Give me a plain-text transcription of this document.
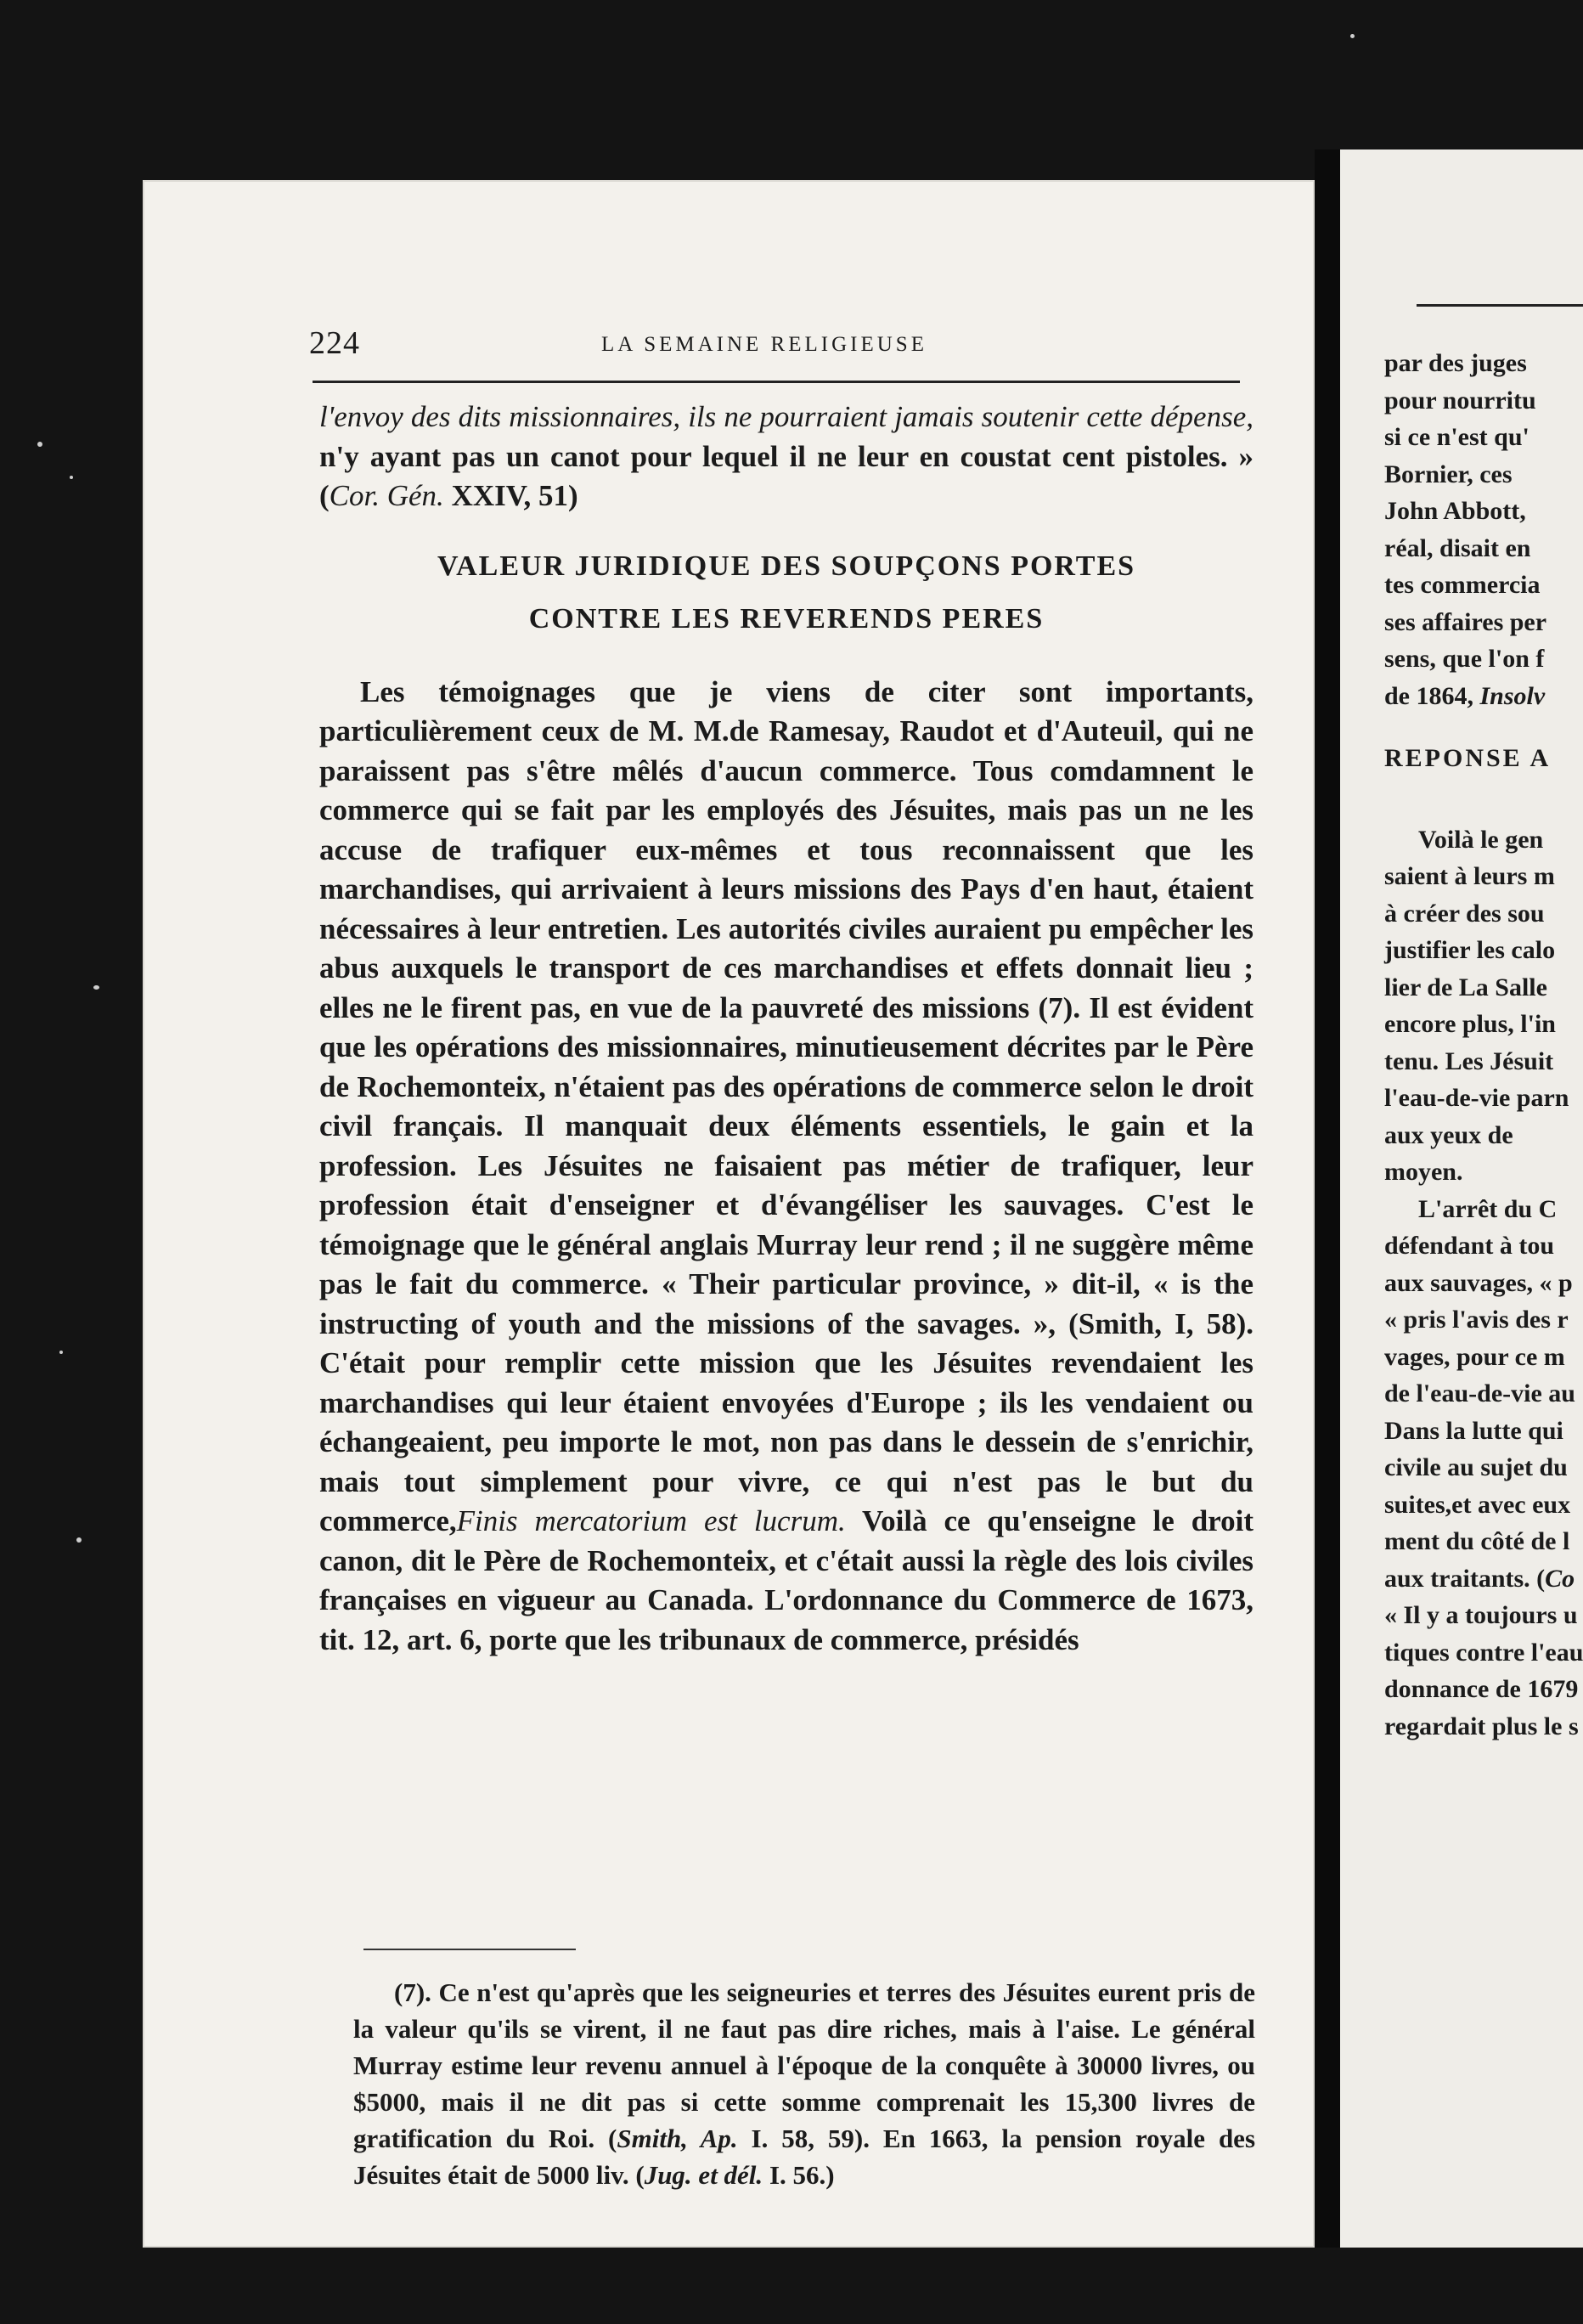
224	LA SEMAINE RELIGIEUSE

l'envoy des dits missionnaires, ils ne pourraient jamais soutenir cette dépense, n'y ayant pas un canot pour lequel il ne leur en coustat cent pistoles. » (Cor. Gén. XXIV, 51)

VALEUR JURIDIQUE DES SOUPÇONS PORTES
CONTRE LES REVERENDS PERES

Les témoignages que je viens de citer sont importants, particulièrement ceux de M. M.de Ramesay, Raudot et d'Auteuil, qui ne paraissent pas s'être mêlés d'aucun commerce. Tous comdamnent le commerce qui se fait par les employés des Jésuites, mais pas un ne les accuse de trafiquer eux-mêmes et tous reconnaissent que les marchandises, qui arrivaient à leurs missions des Pays d'en haut, étaient nécessaires à leur entretien. Les autorités civiles auraient pu empêcher les abus auxquels le transport de ces marchandises et effets donnait lieu ; elles ne le firent pas, en vue de la pauvreté des missions (7). Il est évident que les opérations des missionnaires, minutieusement décrites par le Père de Rochemonteix, n'étaient pas des opérations de commerce selon le droit civil français. Il manquait deux éléments essentiels, le gain et la profession. Les Jésuites ne faisaient pas métier de trafiquer, leur profession était d'enseigner et d'évangéliser les sauvages. C'est le témoignage que le général anglais Murray leur rend ; il ne suggère même pas le fait du commerce. « Their particular province, » dit-il, « is the instructing of youth and the missions of the savages. », (Smith, I, 58). C'était pour remplir cette mission que les Jésuites revendaient les marchandises qui leur étaient envoyées d'Europe ; ils les vendaient ou échangeaient, peu importe le mot, non pas dans le dessein de s'enrichir, mais tout simplement pour vivre, ce qui n'est pas le but du commerce,Finis mercatorium est lucrum. Voilà ce qu'enseigne le droit canon, dit le Père de Rochemonteix, et c'était aussi la règle des lois civiles françaises en vigueur au Canada. L'ordonnance du Commerce de 1673, tit. 12, art. 6, porte que les tribunaux de commerce, présidés

(7). Ce n'est qu'après que les seigneuries et terres des Jésuites eurent pris de la valeur qu'ils se virent, il ne faut pas dire riches, mais à l'aise. Le général Murray estime leur revenu annuel à l'époque de la conquête à 30000 livres, ou $5000, mais il ne dit pas si cette somme comprenait les 15,300 livres de gratification du Roi. (Smith, Ap. I. 58, 59). En 1663, la pension royale des Jésuites était de 5000 liv. (Jug. et dél. I. 56.)

par des juges
pour nourritu
si ce n'est qu'
Bornier, ces
John Abbott,
réal, disait en
tes commercia
ses affaires per
sens, que l'on f
de 1864, Insolv
REPONSE A
Voilà le gen
saient à leurs m
à créer des sou
justifier les calo
lier de La Salle
encore plus, l'in
tenu. Les Jésuit
l'eau-de-vie parn
aux yeux de
moyen.
L'arrêt du C
défendant à tou
aux sauvages, « p
« pris l'avis des r
vages, pour ce m
de l'eau-de-vie au
Dans la lutte qui
civile au sujet du
suites,et avec eux
ment du côté de l
aux traitants. (Co
« Il y a toujours u
tiques contre l'eau
donnance de 1679
regardait plus le s
